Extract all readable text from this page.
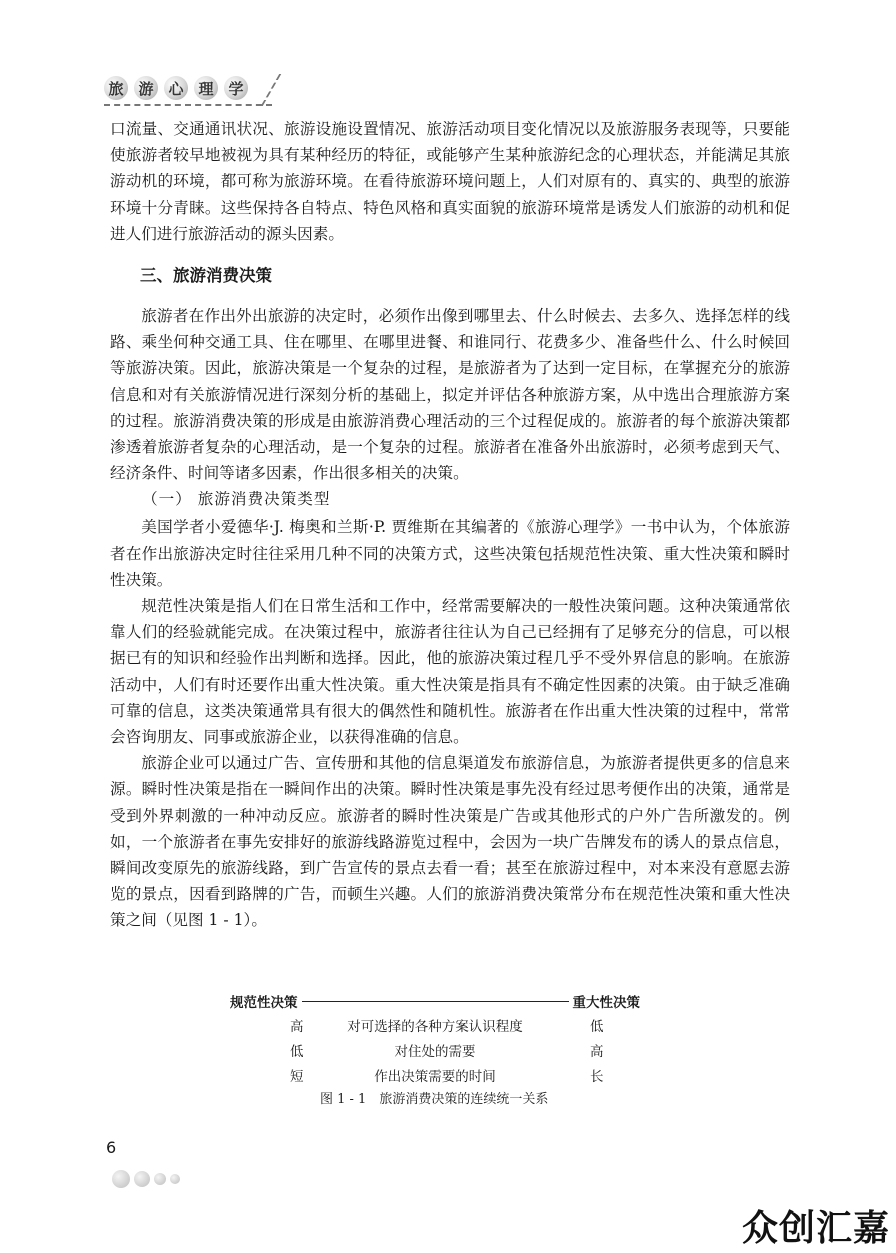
旅 游 心 理 学

口流量、交通通讯状况、旅游设施设置情况、旅游活动项目变化情况以及旅游服务表现等，只要能使旅游者较早地被视为具有某种经历的特征，或能够产生某种旅游纪念的心理状态，并能满足其旅游动机的环境，都可称为旅游环境。在看待旅游环境问题上，人们对原有的、真实的、典型的旅游环境十分青睐。这些保持各自特点、特色风格和真实面貌的旅游环境常是诱发人们旅游的动机和促进人们进行旅游活动的源头因素。

三、旅游消费决策

旅游者在作出外出旅游的决定时，必须作出像到哪里去、什么时候去、去多久、选择怎样的线路、乘坐何种交通工具、住在哪里、在哪里进餐、和谁同行、花费多少、准备些什么、什么时候回等旅游决策。因此，旅游决策是一个复杂的过程，是旅游者为了达到一定目标，在掌握充分的旅游信息和对有关旅游情况进行深刻分析的基础上，拟定并评估各种旅游方案，从中选出合理旅游方案的过程。旅游消费决策的形成是由旅游消费心理活动的三个过程促成的。旅游者的每个旅游决策都渗透着旅游者复杂的心理活动，是一个复杂的过程。旅游者在准备外出旅游时，必须考虑到天气、经济条件、时间等诸多因素，作出很多相关的决策。

（一） 旅游消费决策类型

美国学者小爱德华·J. 梅奥和兰斯·P. 贾维斯在其编著的《旅游心理学》一书中认为，个体旅游者在作出旅游决定时往往采用几种不同的决策方式，这些决策包括规范性决策、重大性决策和瞬时性决策。

规范性决策是指人们在日常生活和工作中，经常需要解决的一般性决策问题。这种决策通常依靠人们的经验就能完成。在决策过程中，旅游者往往认为自己已经拥有了足够充分的信息，可以根据已有的知识和经验作出判断和选择。因此，他的旅游决策过程几乎不受外界信息的影响。在旅游活动中，人们有时还要作出重大性决策。重大性决策是指具有不确定性因素的决策。由于缺乏准确可靠的信息，这类决策通常具有很大的偶然性和随机性。旅游者在作出重大性决策的过程中，常常会咨询朋友、同事或旅游企业，以获得准确的信息。

旅游企业可以通过广告、宣传册和其他的信息渠道发布旅游信息，为旅游者提供更多的信息来源。瞬时性决策是指在一瞬间作出的决策。瞬时性决策是事先没有经过思考便作出的决策，通常是受到外界刺激的一种冲动反应。旅游者的瞬时性决策是广告或其他形式的户外广告所激发的。例如，一个旅游者在事先安排好的旅游线路游览过程中，会因为一块广告牌发布的诱人的景点信息，瞬间改变原先的旅游线路，到广告宣传的景点去看一看；甚至在旅游过程中，对本来没有意愿去游览的景点，因看到路牌的广告，而顿生兴趣。人们的旅游消费决策常分布在规范性决策和重大性决策之间（见图 1 - 1）。

规范性决策	重大性决策
高	对可选择的各种方案认识程度	低
低	对住处的需要	高
短	作出决策需要的时间	长
图 1 - 1　旅游消费决策的连续统一关系
6
众创汇嘉
